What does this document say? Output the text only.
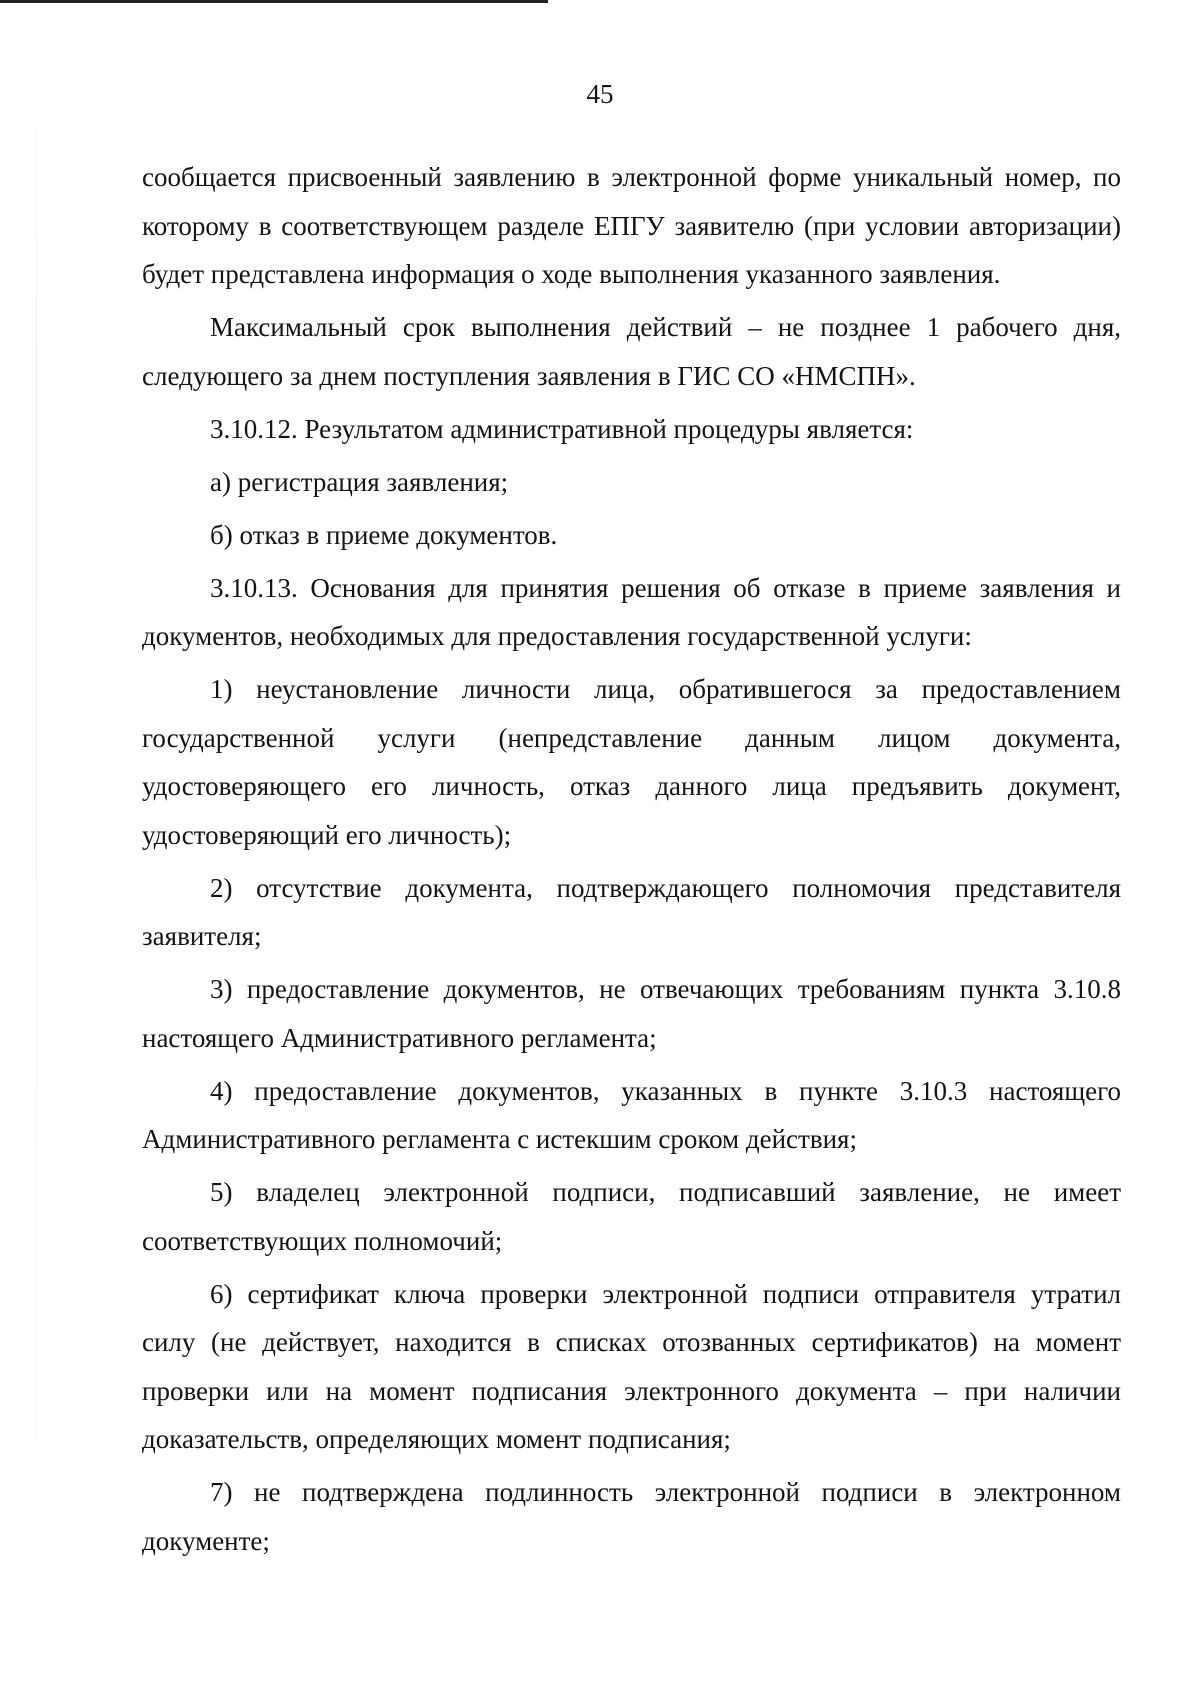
45

сообщается присвоенный заявлению в электронной форме уникальный номер, по которому в соответствующем разделе ЕПГУ заявителю (при условии авторизации) будет представлена информация о ходе выполнения указанного заявления.

Максимальный срок выполнения действий – не позднее 1 рабочего дня, следующего за днем поступления заявления в ГИС СО «НМСПН».

3.10.12. Результатом административной процедуры является:

а) регистрация заявления;

б) отказ в приеме документов.

3.10.13. Основания для принятия решения об отказе в приеме заявления и документов, необходимых для предоставления государственной услуги:

1) неустановление личности лица, обратившегося за предоставлением государственной услуги (непредставление данным лицом документа, удостоверяющего его личность, отказ данного лица предъявить документ, удостоверяющий его личность);

2) отсутствие документа, подтверждающего полномочия представителя заявителя;

3) предоставление документов, не отвечающих требованиям пункта 3.10.8 настоящего Административного регламента;

4) предоставление документов, указанных в пункте 3.10.3 настоящего Административного регламента с истекшим сроком действия;

5) владелец электронной подписи, подписавший заявление, не имеет соответствующих полномочий;

6) сертификат ключа проверки электронной подписи отправителя утратил силу (не действует, находится в списках отозванных сертификатов) на момент проверки или на момент подписания электронного документа – при наличии доказательств, определяющих момент подписания;

7) не подтверждена подлинность электронной подписи в электронном документе;
